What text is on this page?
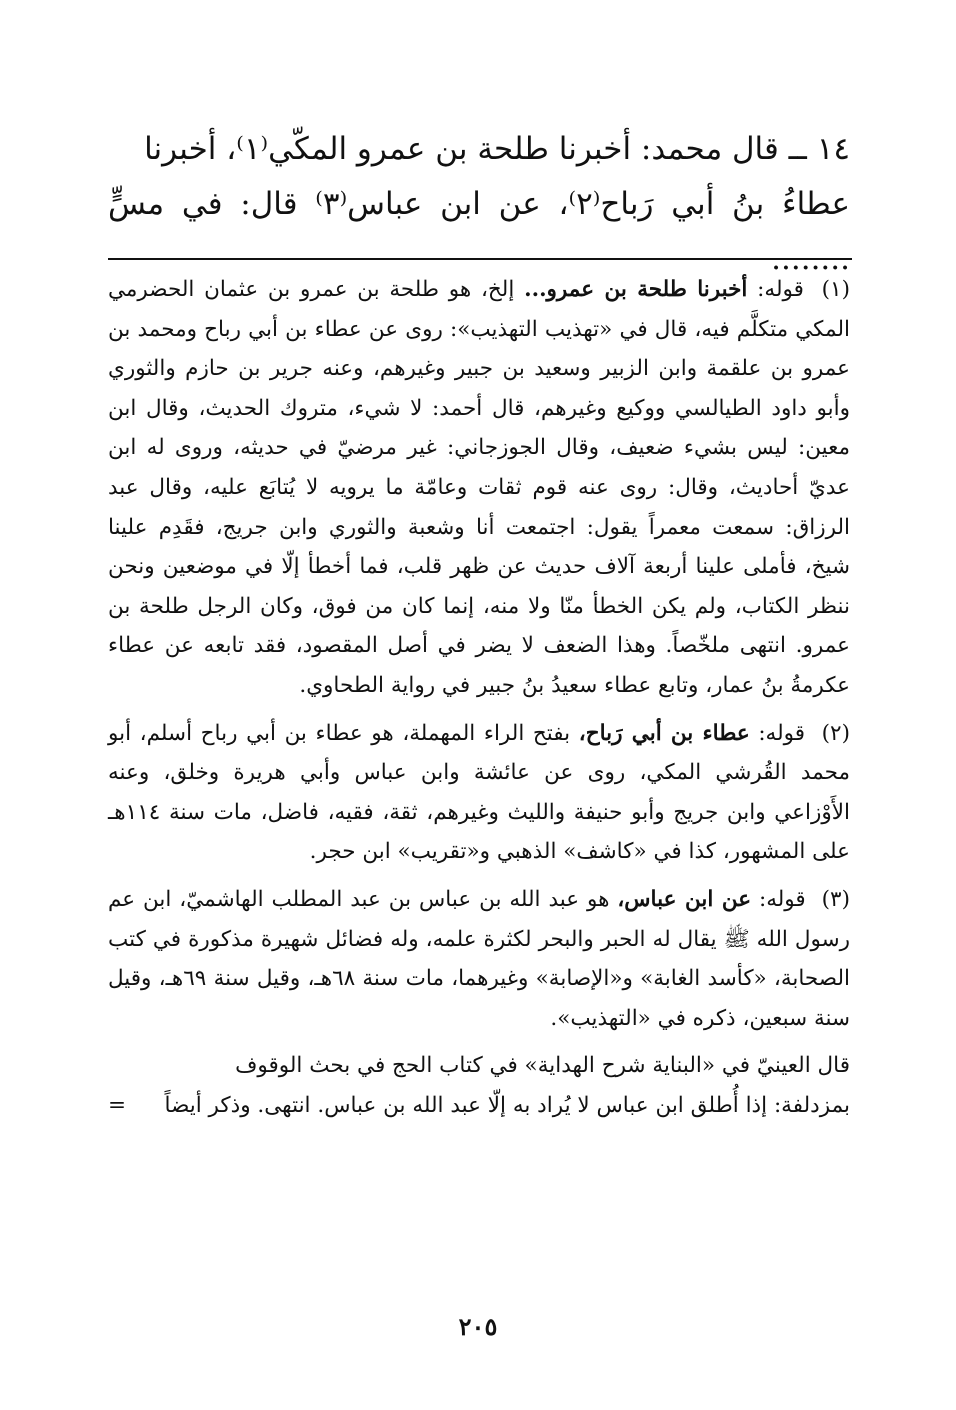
١٤ ــ قال محمد: أخبرنا طلحة بن عمرو المكّي⁽١⁾، أخبرنا

عطاءُ بنُ أبي رَباح⁽٢⁾، عن ابن عباس⁽٣⁾ قال: في مسٍّ ........

(١) قوله: أخبرنا طلحة بن عمرو... إلخ، هو طلحة بن عمرو بن عثمان الحضرمي المكي متكلَّم فيه، قال في «تهذيب التهذيب»: روى عن عطاء بن أبي رباح ومحمد بن عمرو بن علقمة وابن الزبير وسعيد بن جبير وغيرهم، وعنه جرير بن حازم والثوري وأبو داود الطيالسي ووكيع وغيرهم، قال أحمد: لا شيء، متروك الحديث، وقال ابن معين: ليس بشيء ضعيف، وقال الجوزجاني: غير مرضيّ في حديثه، وروى له ابن عديّ أحاديث، وقال: روى عنه قوم ثقات وعامّة ما يرويه لا يُتابَع عليه، وقال عبد الرزاق: سمعت معمراً يقول: اجتمعت أنا وشعبة والثوري وابن جريج، فقَدِم علينا شيخ، فأملى علينا أربعة آلاف حديث عن ظهر قلب، فما أخطأ إلّا في موضعين ونحن ننظر الكتاب، ولم يكن الخطأ منّا ولا منه، إنما كان من فوق، وكان الرجل طلحة بن عمرو. انتهى ملخّصاً. وهذا الضعف لا يضر في أصل المقصود، فقد تابعه عن عطاء عكرمةُ بنُ عمار، وتابع عطاء سعيدُ بنُ جبير في رواية الطحاوي.

(٢) قوله: عطاء بن أبي رَباح، بفتح الراء المهملة، هو عطاء بن أبي رباح أسلم، أبو محمد القُرشي المكي، روى عن عائشة وابن عباس وأبي هريرة وخلق، وعنه الأَوْزاعي وابن جريج وأبو حنيفة والليث وغيرهم، ثقة، فقيه، فاضل، مات سنة ١١٤هـ على المشهور، كذا في «كاشف» الذهبي و«تقريب» ابن حجر.

(٣) قوله: عن ابن عباس، هو عبد الله بن عباس بن عبد المطلب الهاشميّ، ابن عم رسول الله ﷺ يقال له الحبر والبحر لكثرة علمه، وله فضائل شهيرة مذكورة في كتب الصحابة، «كأسد الغابة» و«الإصابة» وغيرهما، مات سنة ٦٨هـ، وقيل سنة ٦٩هـ، وقيل سنة سبعين، ذكره في «التهذيب».

قال العينيّ في «البناية شرح الهداية» في كتاب الحج في بحث الوقوف
بمزدلفة: إذا أُطلق ابن عباس لا يُراد به إلّا عبد الله بن عباس. انتهى. وذكر أيضاً
=

٢٠٥
